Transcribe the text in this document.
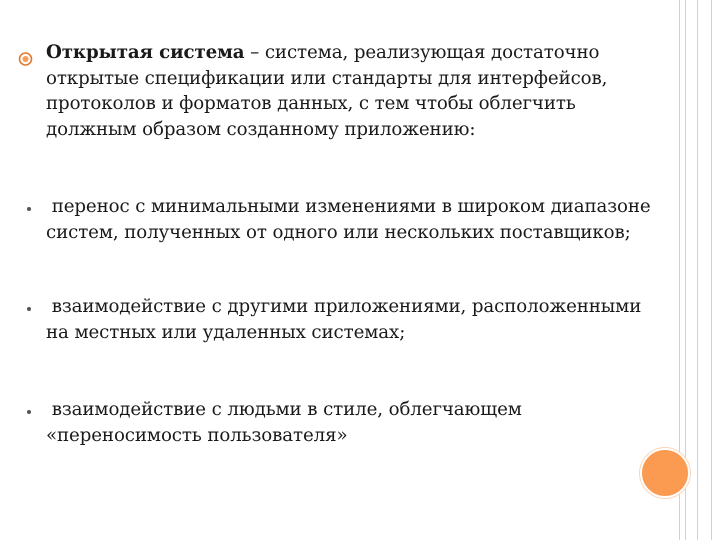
Открытая система – система, реализующая достаточно открытые спецификации или стандарты для интерфейсов, протоколов и форматов данных, с тем чтобы облегчить должным образом созданному приложению:
перенос с минимальными изменениями в широком диапазоне систем, полученных от одного или нескольких поставщиков;
взаимодействие с другими приложениями, расположенными     на местных или удаленных системах;
взаимодействие с людьми в стиле, облегчающем «переносимость пользователя»
